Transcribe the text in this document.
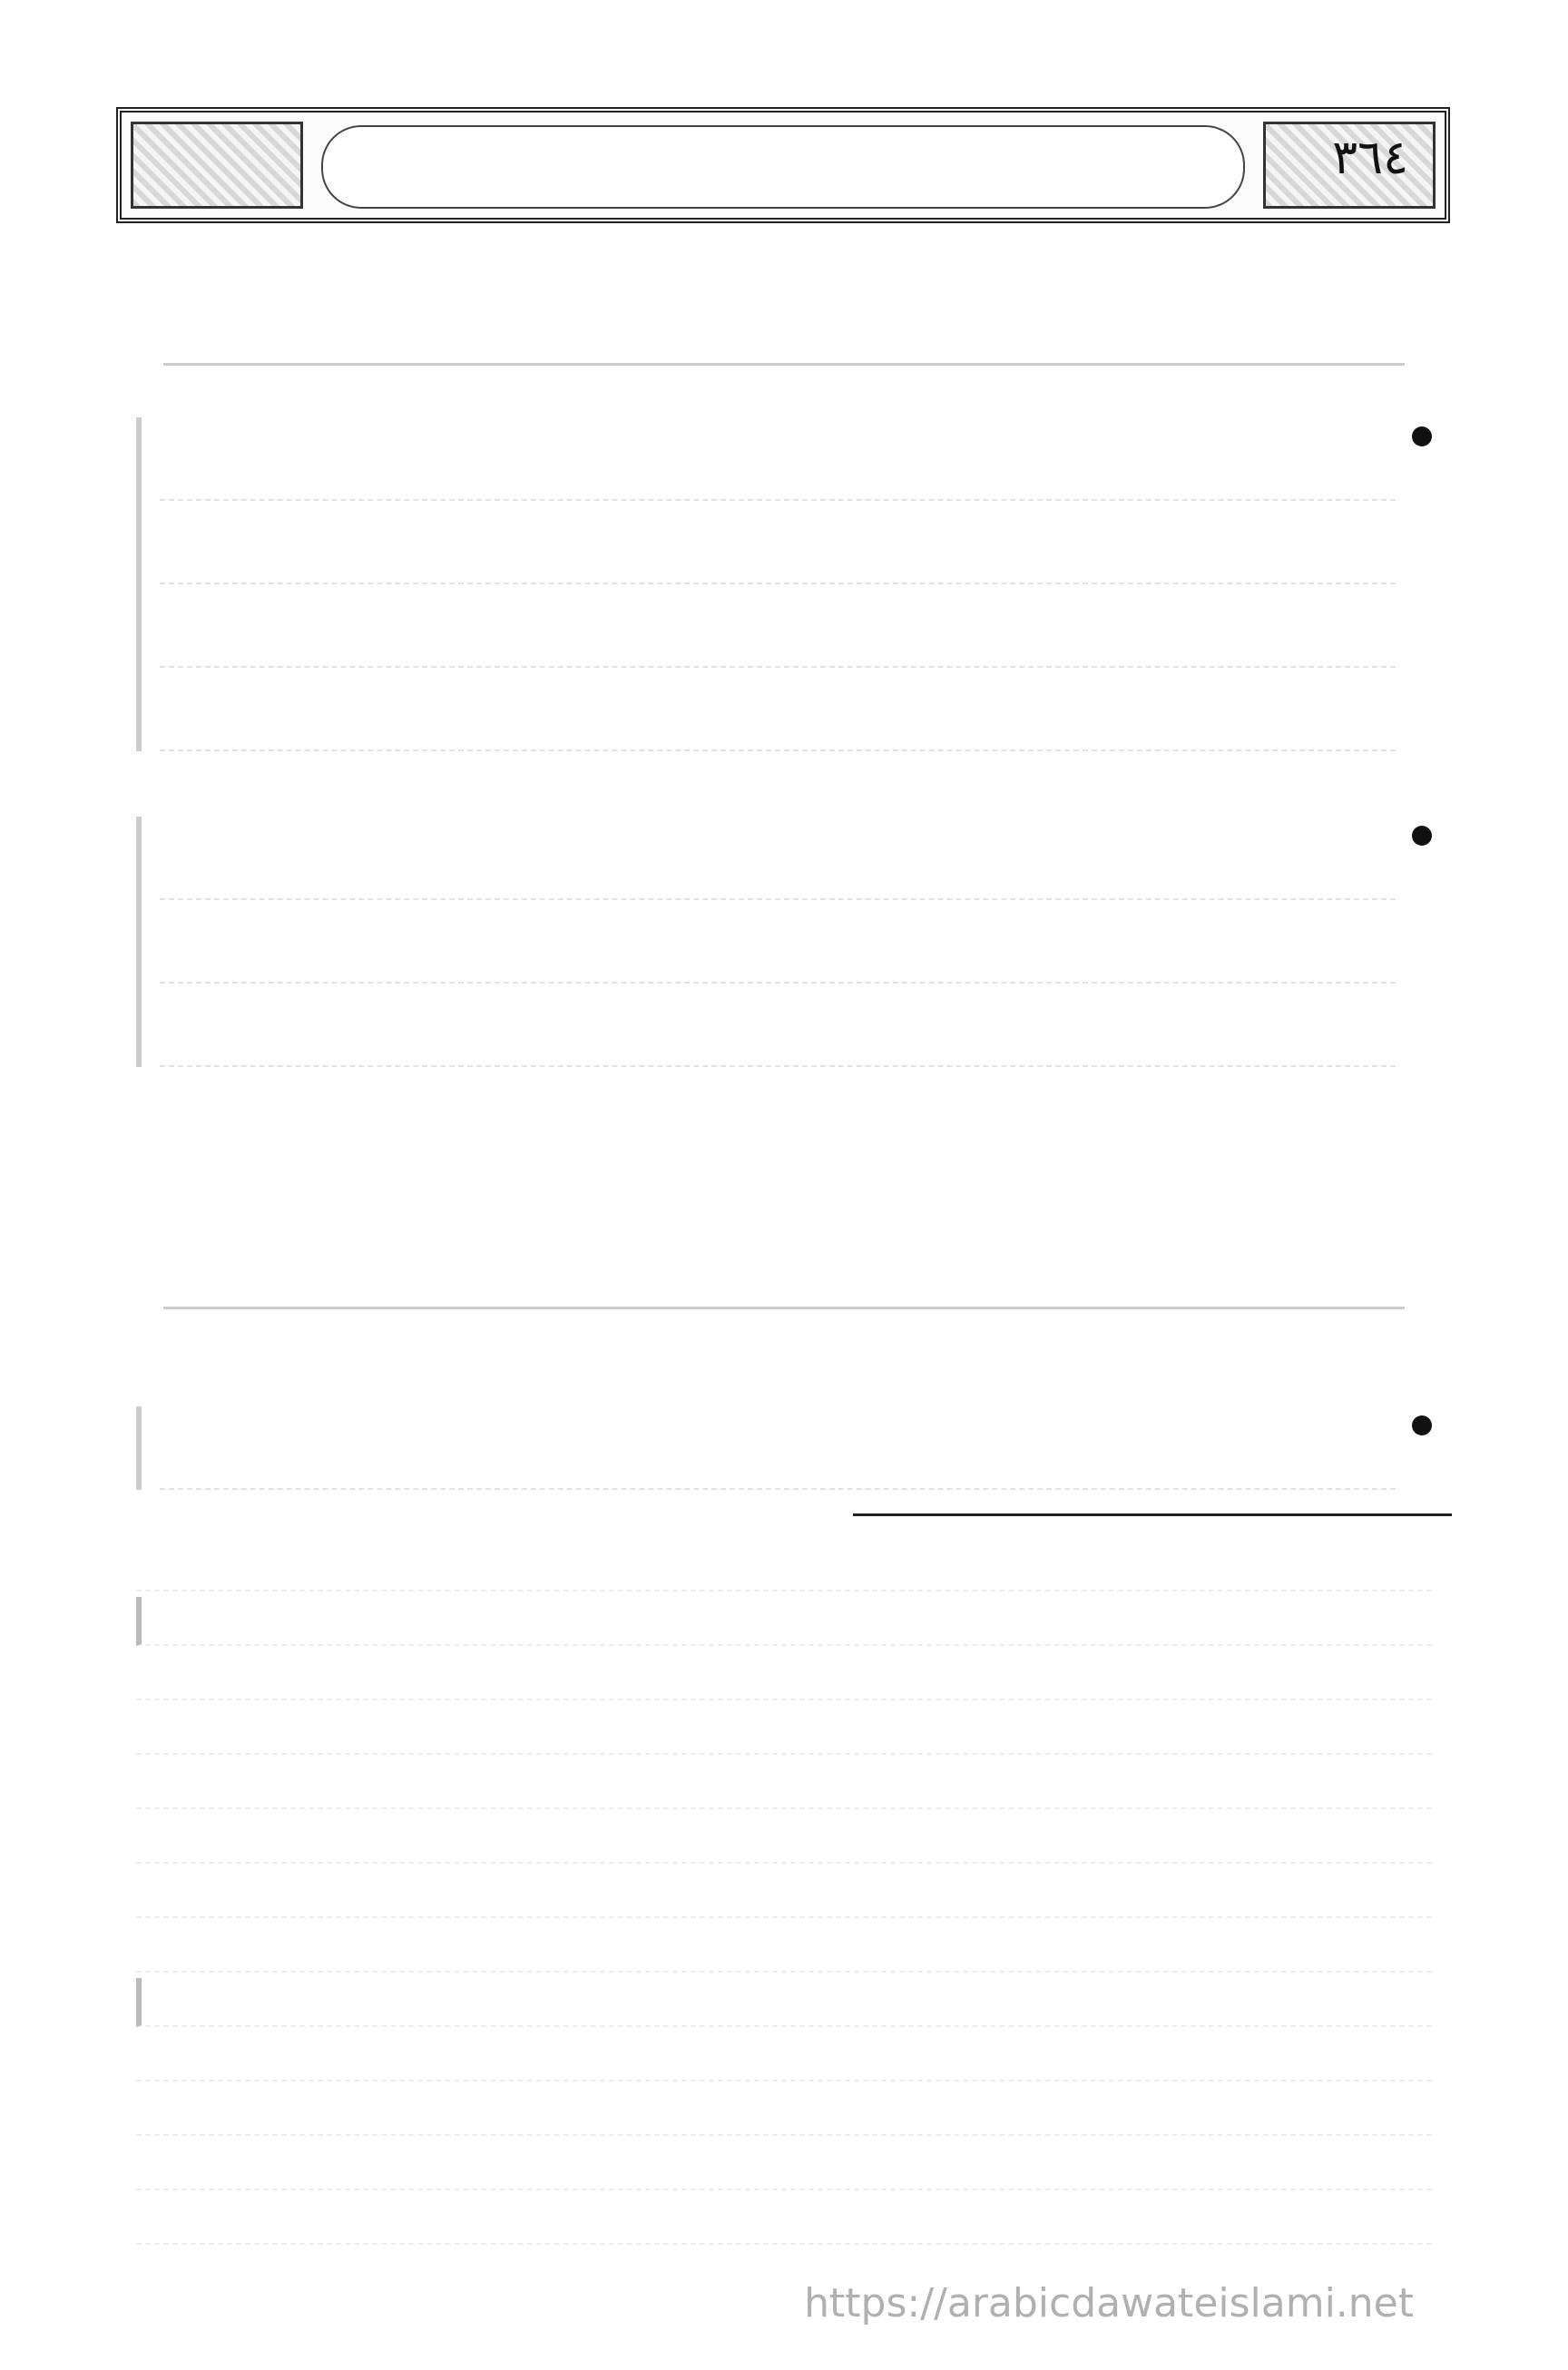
٣٦٤
https://arabicdawateislami.net
